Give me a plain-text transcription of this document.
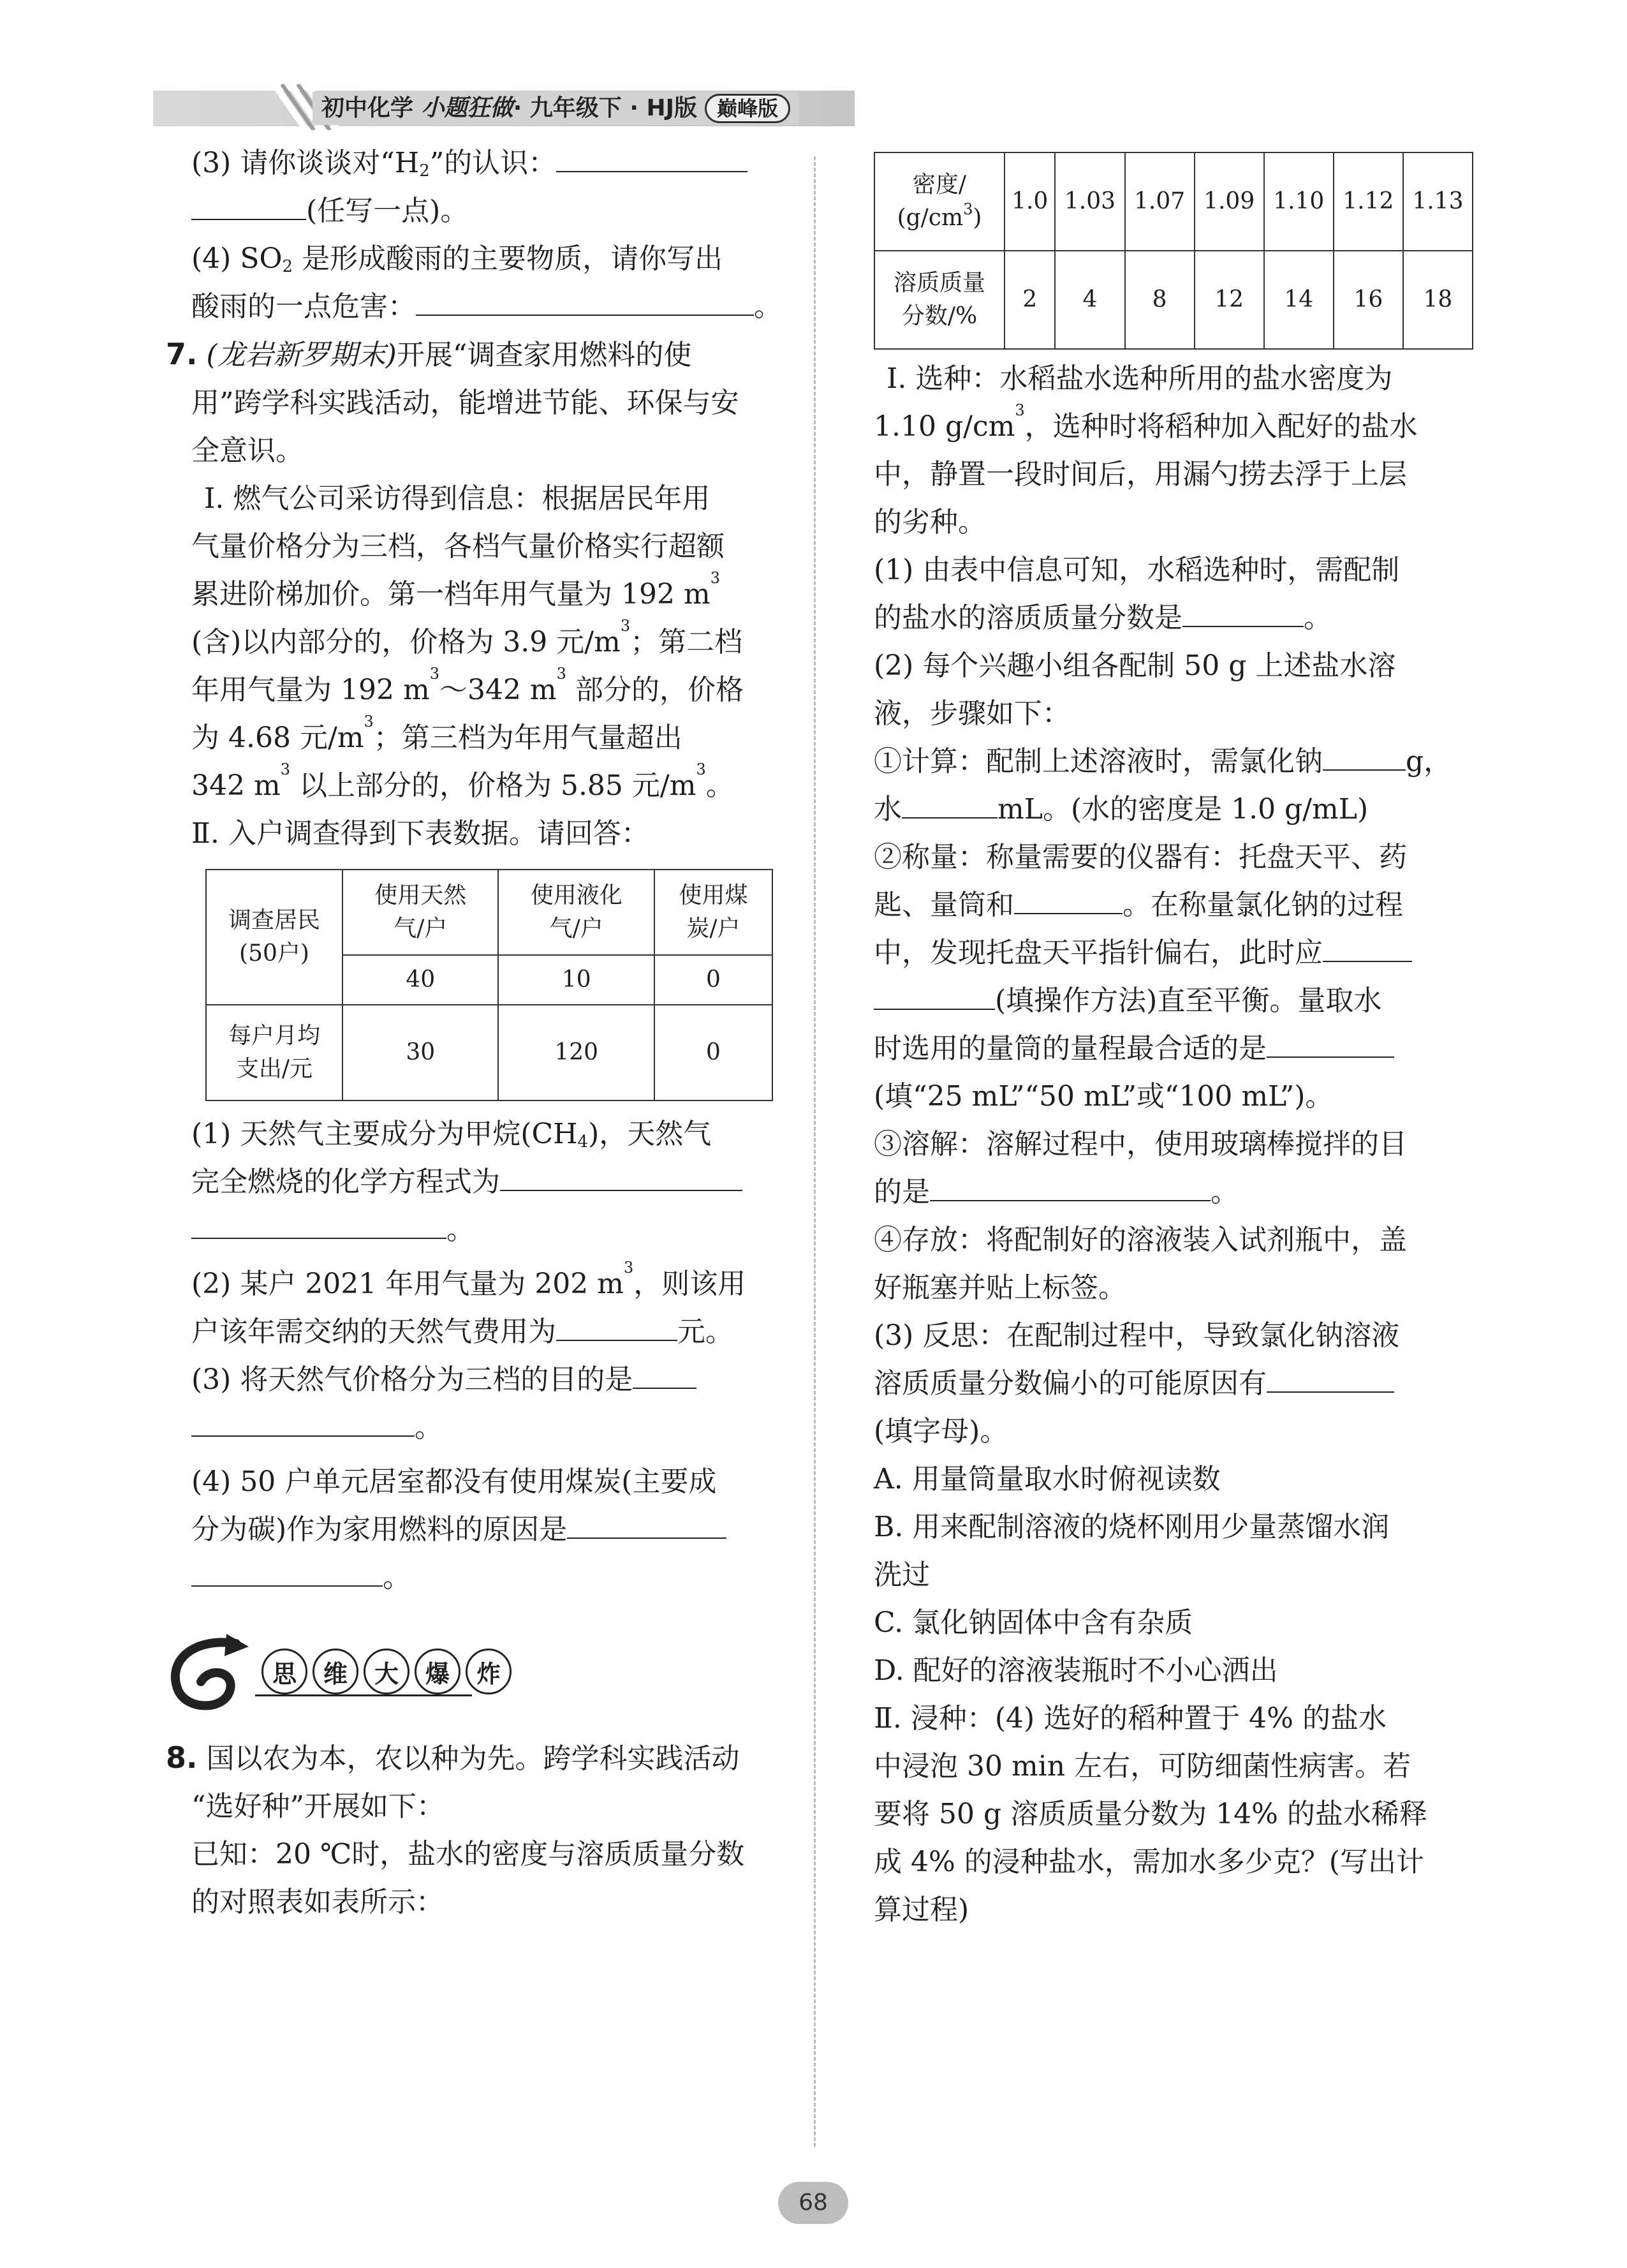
初中化学 小题狂做· 九年级下 · HJ版 巅峰版

(3) 请你谈谈对“$H_2$”的认识：
(任写一点)。

(4) $SO_2$ 是形成酸雨的主要物质，请你写出
酸雨的一点危害：	。

7. (龙岩新罗期末)开展“调查家用燃料的使
用”跨学科实践活动，能增进节能、环保与安
全意识。

Ⅰ. 燃气公司采访得到信息：根据居民年用
气量价格分为三档，各档气量价格实行超额
累进阶梯加价。第一档年用气量为 192 $m^3$
(含)以内部分的，价格为 3.9 元$/m^3$；第二档
年用气量为 192 $m^3\sim 342$ $m^3$ 部分的，价格
为 4.68 元$/m^3$；第三档为年用气量超出
342 $m^3$ 以上部分的，价格为 5.85 元$/m^3$。

Ⅱ. 入户调查得到下表数据。请回答：

调查居民
(50户)	使用天然
气/户	使用液化
气/户	使用煤
炭/户
	40	10	0
每户月均
支出/元	30	120	0

(1) 天然气主要成分为甲烷$(CH_4)$，天然气
完全燃烧的化学方程式为
。

(2) 某户 2021 年用气量为 202 $m^3$，则该用
户该年需交纳的天然气费用为	元。

(3) 将天然气价格分为三档的目的是
。

(4) 50 户单元居室都没有使用煤炭(主要成
分为碳)作为家用燃料的原因是
。

思	维	大	爆	炸

8. 国以农为本，农以种为先。跨学科实践活动
“选好种”开展如下：
已知：20 ℃时，盐水的密度与溶质质量分数
的对照表如表所示：

密度/
$(g/cm^3)$	1.0	1.03	1.07	1.09	1.10	1.12	1.13
溶质质量
分数/%	2	4	8	12	14	16	18

Ⅰ. 选种：水稻盐水选种所用的盐水密度为
1.10 $g/cm^3$，选种时将稻种加入配好的盐水
中，静置一段时间后，用漏勺捞去浮于上层
的劣种。

(1) 由表中信息可知，水稻选种时，需配制
的盐水的溶质质量分数是	。

(2) 每个兴趣小组各配制 50 g 上述盐水溶
液，步骤如下：

①计算：配制上述溶液时，需氯化钠	g，
水	mL。(水的密度是 1.0 g/mL)

②称量：称量需要的仪器有：托盘天平、药
匙、量筒和	。在称量氯化钠的过程
中，发现托盘天平指针偏右，此时应
(填操作方法)直至平衡。量取水
时选用的量筒的量程最合适的是
(填“25 mL”“50 mL”或“100 mL”)。

③溶解：溶解过程中，使用玻璃棒搅拌的目
的是	。

④存放：将配制好的溶液装入试剂瓶中，盖
好瓶塞并贴上标签。

(3) 反思：在配制过程中，导致氯化钠溶液
溶质质量分数偏小的可能原因有
(填字母)。

A. 用量筒量取水时俯视读数

B. 用来配制溶液的烧杯刚用少量蒸馏水润
洗过

C. 氯化钠固体中含有杂质

D. 配好的溶液装瓶时不小心洒出

Ⅱ. 浸种：(4) 选好的稻种置于 4% 的盐水
中浸泡 30 min 左右，可防细菌性病害。若
要将 50 g 溶质质量分数为 14% 的盐水稀释
成 4% 的浸种盐水，需加水多少克？(写出计
算过程)

68
